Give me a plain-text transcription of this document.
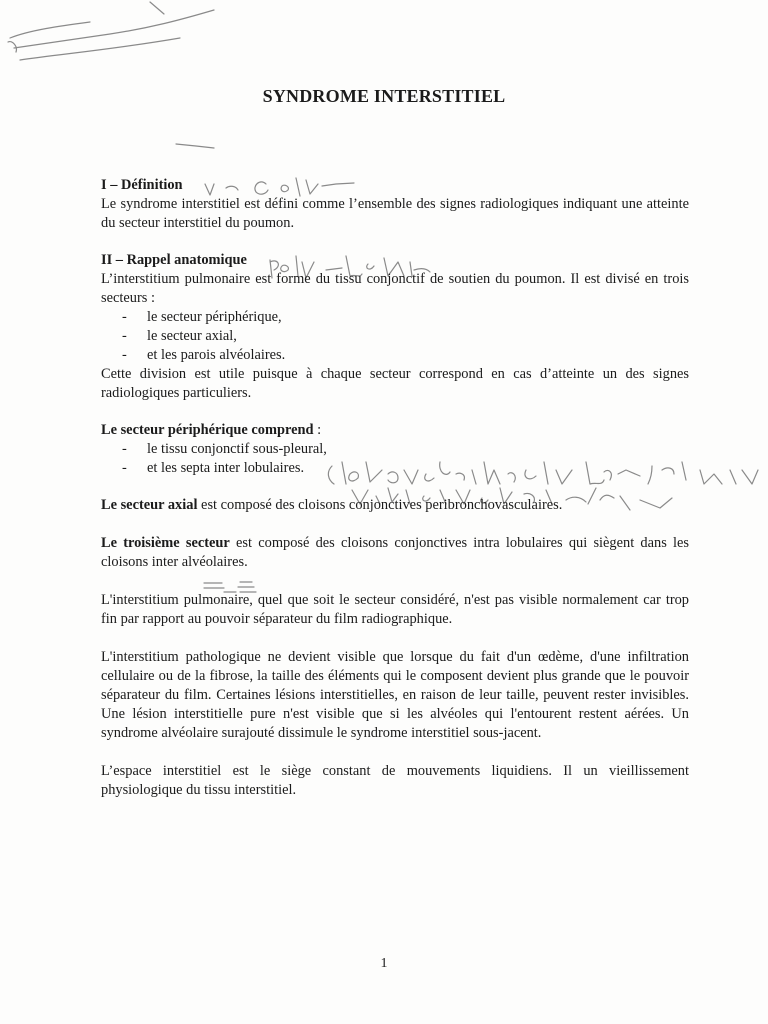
SYNDROME INTERSTITIEL
I – Définition

Le syndrome interstitiel est défini comme l’ensemble des signes radiologiques indiquant une atteinte du secteur interstitiel du poumon.

II – Rappel anatomique

L’interstitium pulmonaire est forme du tissu conjonctif de soutien du poumon. Il est divisé en trois secteurs :

- le secteur périphérique,
- le secteur axial,
- et les parois alvéolaires.

Cette division est utile puisque à chaque secteur correspond en cas d’atteinte un des signes radiologiques particuliers.

Le secteur périphérique comprend :
- le tissu conjonctif sous-pleural,
- et les septa inter lobulaires.

Le secteur axial est composé des cloisons conjonctives peribronchovasculaires.

Le troisième secteur est composé des cloisons conjonctives intra lobulaires qui siègent dans les cloisons inter alvéolaires.

L'interstitium pulmonaire, quel que soit le secteur considéré, n'est pas visible normalement car trop fin par rapport au pouvoir séparateur du film radiographique.

L'interstitium pathologique ne devient visible que lorsque du fait d'un œdème, d'une infiltration cellulaire ou de la fibrose, la taille des éléments qui le composent devient plus grande que le pouvoir séparateur du film. Certaines lésions interstitielles, en raison de leur taille, peuvent rester invisibles. Une lésion interstitielle pure n'est visible que si les alvéoles qui l'entourent restent aérées. Un syndrome alvéolaire surajouté dissimule le syndrome interstitiel sous-jacent.

L’espace interstitiel est le siège constant de mouvements liquidiens. Il un vieillissement physiologique du tissu interstitiel.

1
